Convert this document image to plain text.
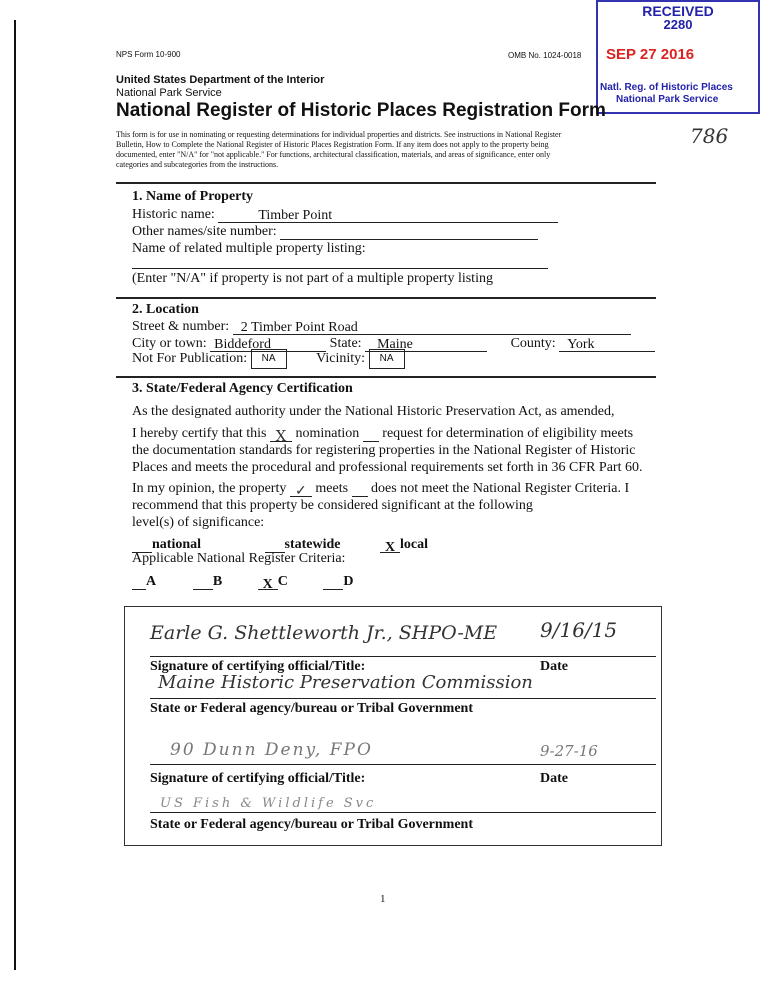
RECEIVED
2280
SEP 27 2016
Natl. Reg. of Historic Places
National Park Service
NPS Form 10-900	OMB No. 1024-0018
United States Department of the Interior
National Park Service
National Register of Historic Places Registration Form
786
This form is for use in nominating or requesting determinations for individual properties and districts. See instructions in National Register
Bulletin, How to Complete the National Register of Historic Places Registration Form. If any item does not apply to the property being
documented, enter "N/A" for "not applicable." For functions, architectural classification, materials, and areas of significance, enter only
categories and subcategories from the instructions.
1. Name of Property
Historic name:	Timber Point
Other names/site number:
Name of related multiple property listing:
(Enter "N/A" if property is not part of a multiple property listing
2. Location
Street & number: 2 Timber Point Road
City or town: Biddeford	State: Maine	County: York
Not For Publication: NA	Vicinity: NA
3. State/Federal Agency Certification
As the designated authority under the National Historic Preservation Act, as amended,
I hereby certify that this X nomination request for determination of eligibility meets
the documentation standards for registering properties in the National Register of Historic
Places and meets the procedural and professional requirements set forth in 36 CFR Part 60.
In my opinion, the property ✓ meets does not meet the National Register Criteria. I
recommend that this property be considered significant at the following
level(s) of significance:
national	statewide	X local
Applicable National Register Criteria:
A	B	X C	D
Earle G. Shettleworth Jr., SHPO-ME 9/16/15
Signature of certifying official/Title:	Date
Maine Historic Preservation Commission
State or Federal agency/bureau or Tribal Government
90 Dunn Deny, FPO	9-27-16
Signature of certifying official/Title:	Date
US Fish & Wildlife Svc
State or Federal agency/bureau or Tribal Government
1
